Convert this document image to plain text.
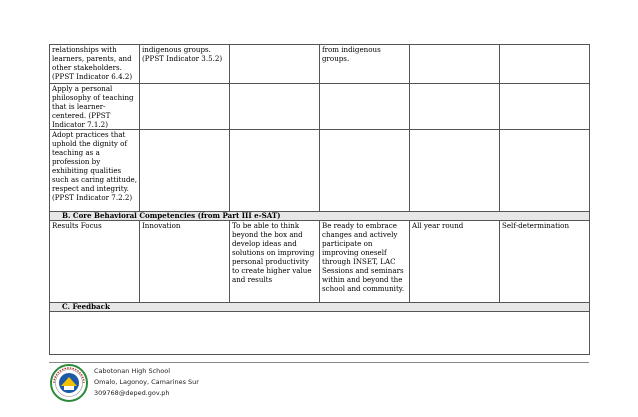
relationships with learners, parents, and other stakeholders. (PPST Indicator 6.4.2)	indigenous groups. (PPST Indicator 3.5.2)		from indigenous groups.		
Apply a personal philosophy of teaching that is learner-centered. (PPST Indicator 7.1.2)					
Adopt practices that uphold the dignity of teaching as a profession by exhibiting qualities such as caring attitude, respect and integrity. (PPST Indicator 7.2.2)					
B. Core Behavioral Competencies (from Part III e-SAT)					
Results Focus	Innovation	To be able to think beyond the box and develop ideas and solutions on improving personal productivity to create higher value and results	Be ready to embrace changes and actively participate on improving oneself through INSET, LAC Sessions and seminars within and beyond the school and community.	All year round	Self-determination
C. Feedback					

Cabotonan High School
Omalo, Lagonoy, Camarines Sur
309768@deped.gov.ph
